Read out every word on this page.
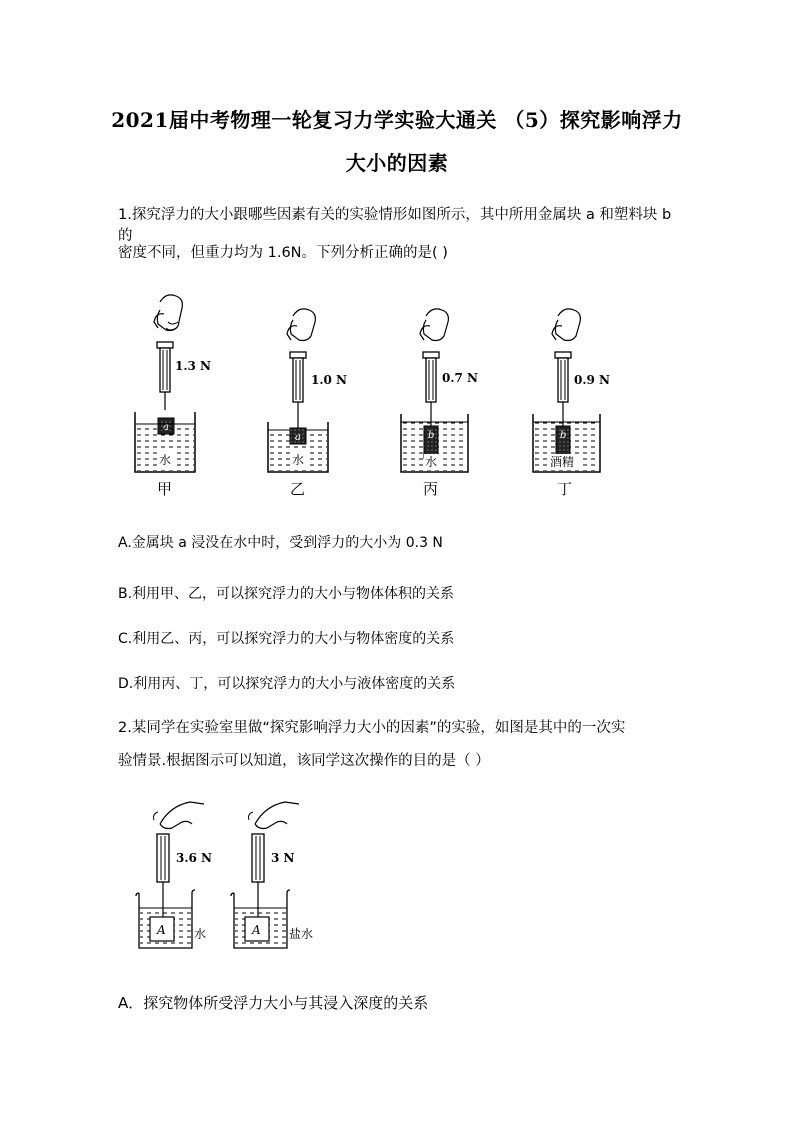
2021届中考物理一轮复习力学实验大通关 （5）探究影响浮力
大小的因素
1.探究浮力的大小跟哪些因素有关的实验情形如图所示，其中所用金属块 a 和塑料块 b 的
密度不同，但重力均为 1.6N。下列分析正确的是( )
1.3 N
水
甲
1.0 N
a
水
乙
0.7 N
b
水
丙
0.9 N
b
酒精
丁
A.金属块 a 浸没在水中时，受到浮力的大小为 0.3 N
B.利用甲、乙，可以探究浮力的大小与物体体积的关系
C.利用乙、丙，可以探究浮力的大小与物体密度的关系
D.利用丙、丁，可以探究浮力的大小与液体密度的关系
2.某同学在实验室里做“探究影响浮力大小的因素”的实验，如图是其中的一次实
验情景.根据图示可以知道，该同学这次操作的目的是（ ）
3.6 N
A 水
3 N
A 盐水
A．探究物体所受浮力大小与其浸入深度的关系
